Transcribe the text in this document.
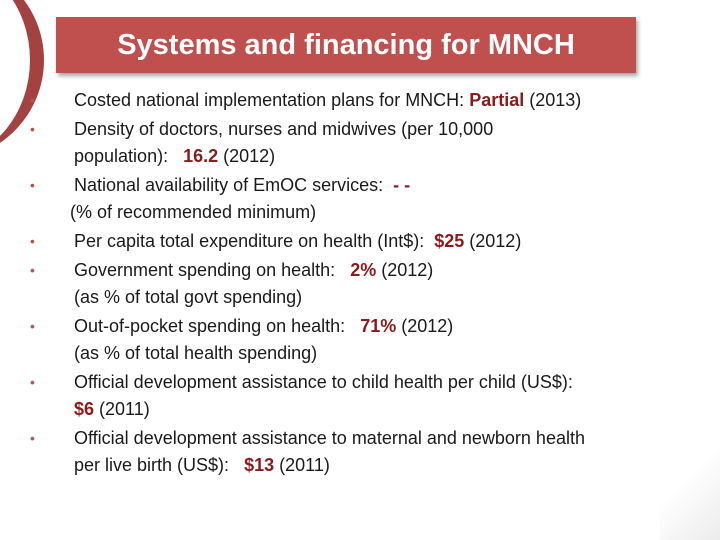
Systems and financing for MNCH
•	Costed national implementation plans for MNCH: Partial (2013)
•	Density of doctors, nurses and midwives (per 10,000
population):   16.2 (2012)
•	National availability of EmOC services:  - -
(% of recommended minimum)
•	Per capita total expenditure on health (Int$):  $25 (2012)
•	Government spending on health:   2% (2012)
(as % of total govt spending)
•	Out-of-pocket spending on health:   71% (2012)
(as % of total health spending)
•	Official development assistance to child health per child (US$):
$6 (2011)
•	Official development assistance to maternal and newborn health
per live birth (US$):   $13 (2011)
